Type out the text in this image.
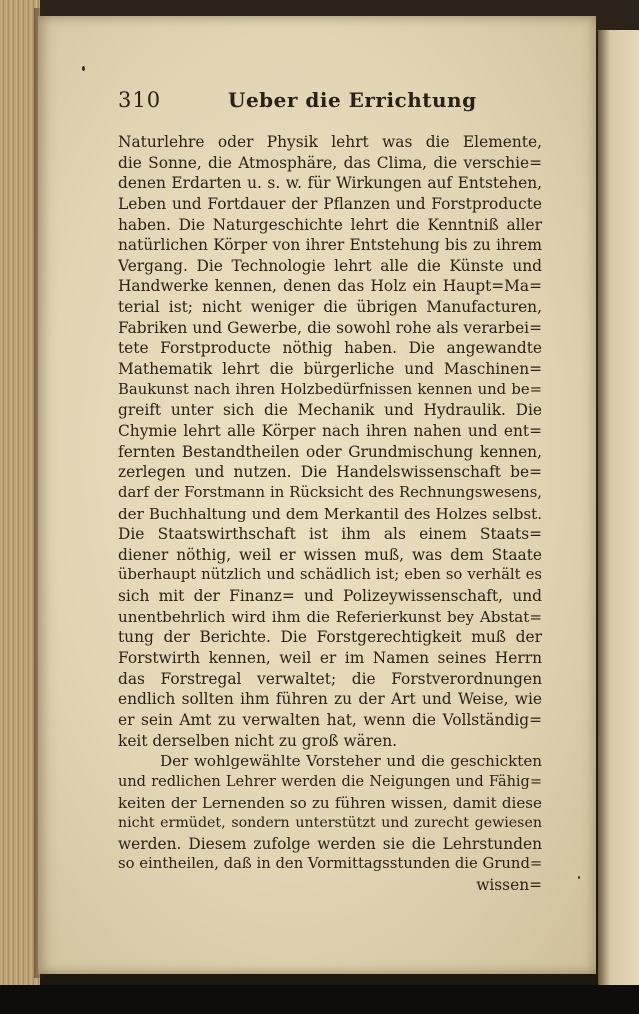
310	Ueber die Errichtung
Naturlehre oder Physik lehrt was die Elemente,
die Sonne, die Atmosphäre, das Clima, die verschie=
denen Erdarten u. s. w. für Wirkungen auf Entstehen,
Leben und Fortdauer der Pflanzen und Forstproducte
haben. Die Naturgeschichte lehrt die Kenntniß aller
natürlichen Körper von ihrer Entstehung bis zu ihrem
Vergang. Die Technologie lehrt alle die Künste und
Handwerke kennen, denen das Holz ein Haupt=Ma=
terial ist; nicht weniger die übrigen Manufacturen,
Fabriken und Gewerbe, die sowohl rohe als verarbei=
tete Forstproducte nöthig haben. Die angewandte
Mathematik lehrt die bürgerliche und Maschinen=
Baukunst nach ihren Holzbedürfnissen kennen und be=
greift unter sich die Mechanik und Hydraulik. Die
Chymie lehrt alle Körper nach ihren nahen und ent=
fernten Bestandtheilen oder Grundmischung kennen,
zerlegen und nutzen. Die Handelswissenschaft be=
darf der Forstmann in Rücksicht des Rechnungswesens,
der Buchhaltung und dem Merkantil des Holzes selbst.
Die Staatswirthschaft ist ihm als einem Staats=
diener nöthig, weil er wissen muß, was dem Staate
überhaupt nützlich und schädlich ist; eben so verhält es
sich mit der Finanz= und Polizeywissenschaft, und
unentbehrlich wird ihm die Referierkunst bey Abstat=
tung der Berichte. Die Forstgerechtigkeit muß der
Forstwirth kennen, weil er im Namen seines Herrn
das Forstregal verwaltet; die Forstverordnungen
endlich sollten ihm führen zu der Art und Weise, wie
er sein Amt zu verwalten hat, wenn die Vollständig=
keit derselben nicht zu groß wären.
Der wohlgewählte Vorsteher und die geschickten
und redlichen Lehrer werden die Neigungen und Fähig=
keiten der Lernenden so zu führen wissen, damit diese
nicht ermüdet, sondern unterstützt und zurecht gewiesen
werden. Diesem zufolge werden sie die Lehrstunden
so eintheilen, daß in den Vormittagsstunden die Grund=
wissen=
